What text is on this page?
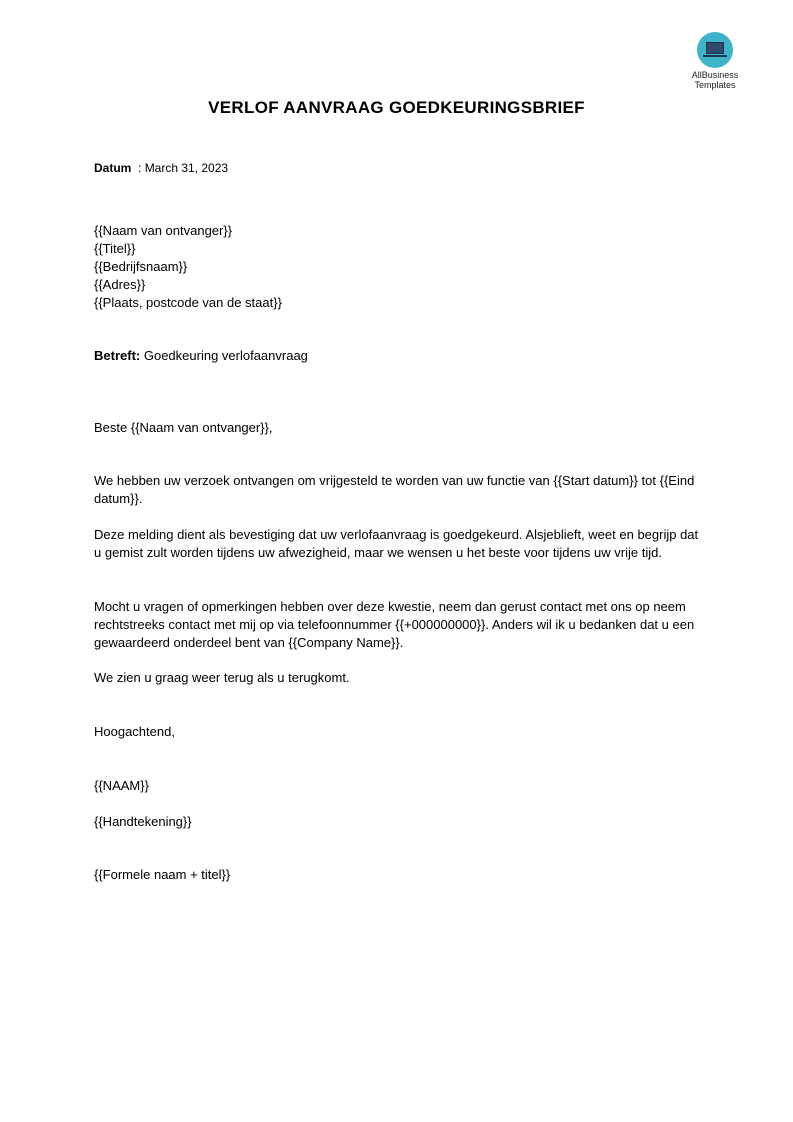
AllBusiness
Templates
VERLOF AANVRAAG GOEDKEURINGSBRIEF
Datum : March 31, 2023
{{Naam van ontvanger}}
{{Titel}}
{{Bedrijfsnaam}}
{{Adres}}
{{Plaats, postcode van de staat}}
Betreft: Goedkeuring verlofaanvraag
Beste {{Naam van ontvanger}},
We hebben uw verzoek ontvangen om vrijgesteld te worden van uw functie van {{Start datum}} tot {{Eind datum}}.
Deze melding dient als bevestiging dat uw verlofaanvraag is goedgekeurd. Alsjeblieft, weet en begrijp dat u gemist zult worden tijdens uw afwezigheid, maar we wensen u het beste voor tijdens uw vrije tijd.
Mocht u vragen of opmerkingen hebben over deze kwestie, neem dan gerust contact met ons op neem rechtstreeks contact met mij op via telefoonnummer {{+000000000}}. Anders wil ik u bedanken dat u een gewaardeerd onderdeel bent van {{Company Name}}.
We zien u graag weer terug als u terugkomt.
Hoogachtend,
{{NAAM}}
{{Handtekening}}
{{Formele naam + titel}}
